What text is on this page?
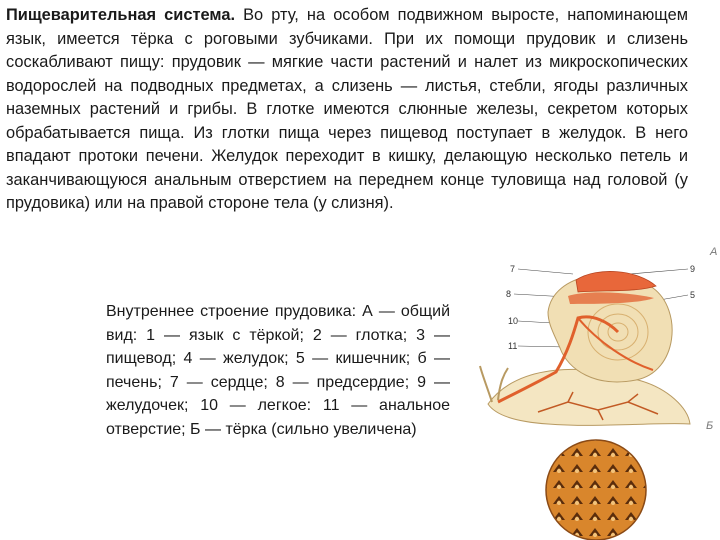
Пищеварительная система. Во рту, на особом подвижном выросте, напоминающем язык, имеется тёрка с роговыми зубчиками. При их помощи прудовик и слизень соскабливают пищу: прудовик — мягкие части растений и налет из микроскопических водорослей на подводных предметах, а слизень — листья, стебли, ягоды различных наземных растений и грибы. В глотке имеются слюнные железы, секретом которых обрабатывается пища. Из глотки пища через пищевод поступает в желудок. В него впадают протоки печени. Желудок переходит в кишку, делающую несколько петель и заканчивающуюся анальным отверстием на переднем конце туловища над головой (у прудовика) или на правой стороне тела (у слизня).

Внутреннее строение прудовика: А — общий вид: 1 — язык с тёркой; 2 — глотка; 3 — пищевод; 4 — желудок; 5 — кишечник; б — печень; 7 — сердце; 8 — предсердие; 9 — желудочек; 10 — легкое: 11 — анальное отверстие; Б — тёрка (сильно увеличена)

A
Б
7
8
10
11
9
5
